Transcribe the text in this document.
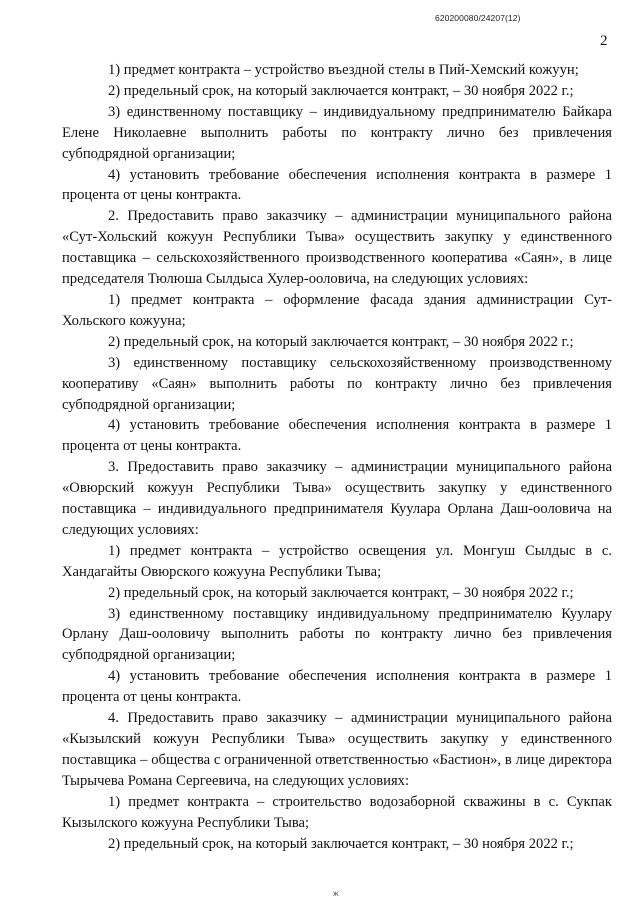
620200080/24207(12)
2

1) предмет контракта – устройство въездной стелы в Пий-Хемский кожуун;

2) предельный срок, на который заключается контракт, – 30 ноября 2022 г.;

3) единственному поставщику – индивидуальному предпринимателю Байкара Елене Николаевне выполнить работы по контракту лично без привлечения субподрядной организации;

4) установить требование обеспечения исполнения контракта в размере 1 процента от цены контракта.

2. Предоставить право заказчику – администрации муниципального района «Сут-Хольский кожуун Республики Тыва» осуществить закупку у единственного поставщика – сельскохозяйственного производственного кооператива «Саян», в лице председателя Тюлюша Сылдыса Хулер-ооловича, на следующих условиях:

1) предмет контракта – оформление фасада здания администрации Сут-Хольского кожууна;

2) предельный срок, на который заключается контракт, – 30 ноября 2022 г.;

3) единственному поставщику сельскохозяйственному производственному кооперативу «Саян» выполнить работы по контракту лично без привлечения субподрядной организации;

4) установить требование обеспечения исполнения контракта в размере 1 процента от цены контракта.

3. Предоставить право заказчику – администрации муниципального района «Овюрский кожуун Республики Тыва» осуществить закупку у единственного поставщика – индивидуального предпринимателя Куулара Орлана Даш-ооловича на следующих условиях:

1) предмет контракта – устройство освещения ул. Монгуш Сылдыс в с. Хандагайты Овюрского кожууна Республики Тыва;

2) предельный срок, на который заключается контракт, – 30 ноября 2022 г.;

3) единственному поставщику индивидуальному предпринимателю Куулару Орлану Даш-ооловичу выполнить работы по контракту лично без привлечения субподрядной организации;

4) установить требование обеспечения исполнения контракта в размере 1 процента от цены контракта.

4. Предоставить право заказчику – администрации муниципального района «Кызылский кожуун Республики Тыва» осуществить закупку у единственного поставщика – общества с ограниченной ответственностью «Бастион», в лице директора Тырычева Романа Сергеевича, на следующих условиях:

1) предмет контракта – строительство водозаборной скважины в с. Сукпак Кызылского кожууна Республики Тыва;

2) предельный срок, на который заключается контракт, – 30 ноября 2022 г.;

Ж
